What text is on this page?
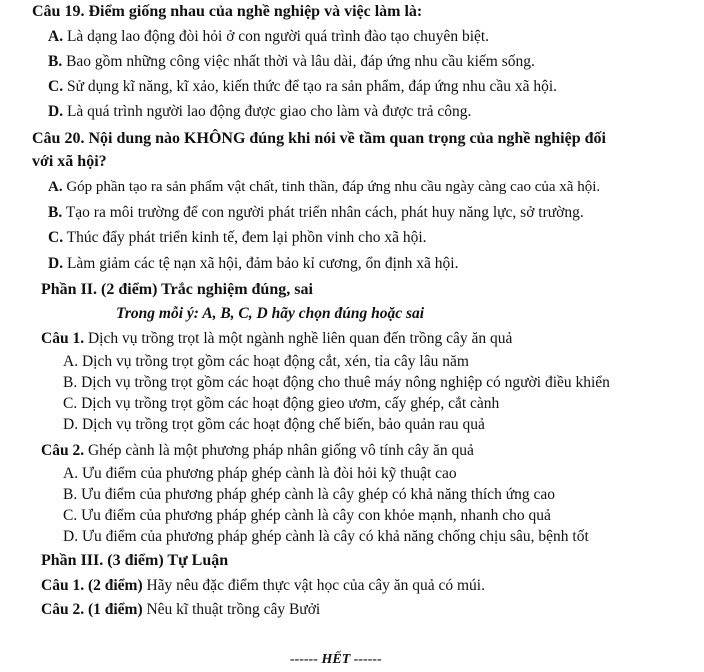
Câu 19. Điểm giống nhau của nghề nghiệp và việc làm là:
A. Là dạng lao động đòi hỏi ở con người quá trình đào tạo chuyên biệt.
B. Bao gồm những công việc nhất thời và lâu dài, đáp ứng nhu cầu kiếm sống.
C. Sử dụng kĩ năng, kĩ xảo, kiến thức để tạo ra sản phẩm, đáp ứng nhu cầu xã hội.
D. Là quá trình người lao động được giao cho làm và được trả công.
Câu 20. Nội dung nào KHÔNG đúng khi nói về tầm quan trọng của nghề nghiệp đối
với xã hội?
A. Góp phần tạo ra sản phẩm vật chất, tinh thần, đáp ứng nhu cầu ngày càng cao của xã hội.
B. Tạo ra môi trường để con người phát triển nhân cách, phát huy năng lực, sở trường.
C. Thúc đẩy phát triển kinh tế, đem lại phồn vinh cho xã hội.
D. Làm giảm các tệ nạn xã hội, đảm bảo kỉ cương, ổn định xã hội.
Phần II. (2 điểm) Trắc nghiệm đúng, sai
Trong mỗi ý: A, B, C, D hãy chọn đúng hoặc sai
Câu 1. Dịch vụ trồng trọt là một ngành nghề liên quan đến trồng cây ăn quả
A. Dịch vụ trồng trọt gồm các hoạt động cắt, xén, tỉa cây lâu năm
B. Dịch vụ trồng trọt gồm các hoạt động cho thuê máy nông nghiệp có người điều khiển
C. Dịch vụ trồng trọt gồm các hoạt động gieo ươm, cấy ghép, cắt cành
D. Dịch vụ trồng trọt gồm các hoạt động chế biến, bảo quản rau quả
Câu 2. Ghép cành là một phương pháp nhân giống vô tính cây ăn quả
A. Ưu điểm của phương pháp ghép cành là đòi hỏi kỹ thuật cao
B. Ưu điểm của phương pháp ghép cành là cây ghép có khả năng thích ứng cao
C. Ưu điểm của phương pháp ghép cành là cây con khỏe mạnh, nhanh cho quả
D. Ưu điểm của phương pháp ghép cành là cây có khả năng chống chịu sâu, bệnh tốt
Phần III. (3 điểm) Tự Luận
Câu 1. (2 điểm) Hãy nêu đặc điểm thực vật học của cây ăn quả có múi.
Câu 2. (1 điểm) Nêu kĩ thuật trồng cây Bưởi
------ HẾT ------
